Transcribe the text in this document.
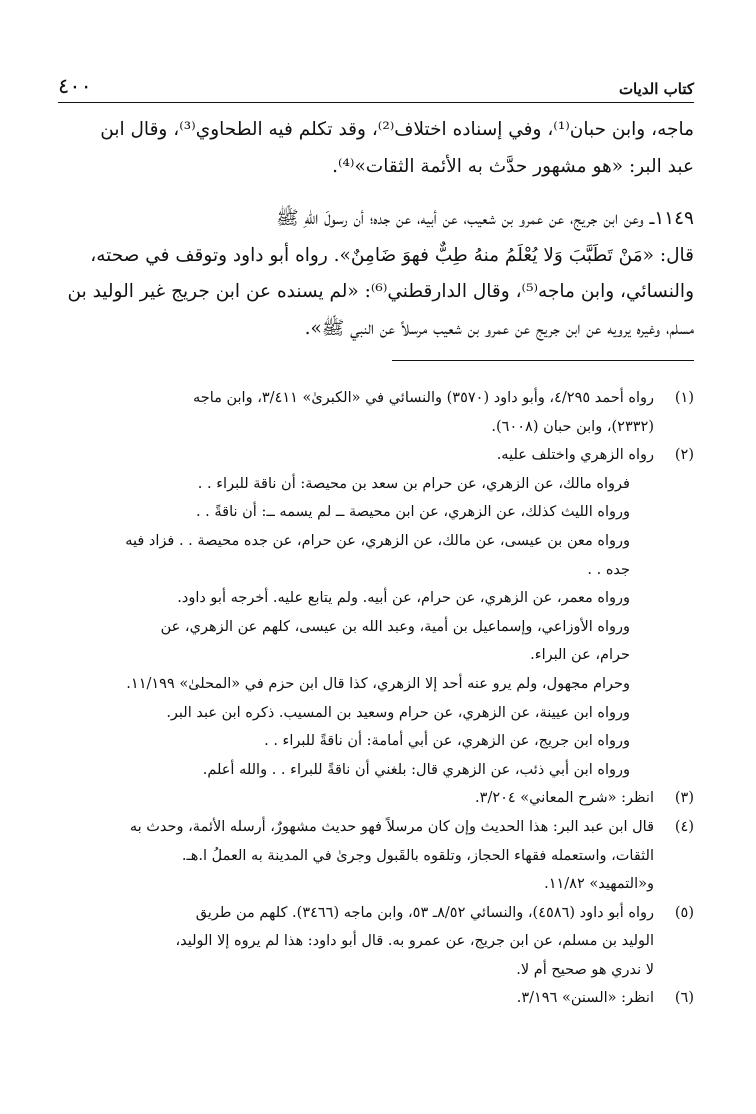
٤٠٠	كتاب الديات

ماجه، وابن حبان⁽¹⁾، وفي إسناده اختلاف⁽²⁾، وقد تكلم فيه الطحاوي⁽³⁾، وقال ابن
عبد البر: «هو مشهور حدَّث به الأئمة الثقات»⁽⁴⁾.

١١٤٩ــ وعن ابن جريج، عن عمرو بن شعيب، عن أبيه، عن جده؛ أن رسولَ اللهِ ﷺ
قال: «مَنْ تَطَبَّبَ وَلا يُعْلَمُ منهُ طِبٌّ فهوَ ضَامِنٌ». رواه أبو داود وتوقف في صحته،
والنسائي، وابن ماجه⁽⁵⁾، وقال الدارقطني⁽⁶⁾: «لم يسنده عن ابن جريج غير الوليد بن
مسلم، وغيره يرويه عن ابن جريج عن عمرو بن شعيب مرسلاً عن النبي ﷺ».

(١)
رواه أحمد ٤/٢٩٥، وأبو داود (٣٥٧٠) والنسائي في «الكبرىٰ» ٣/٤١١، وابن ماجه
(٢٣٣٢)، وابن حبان (٦٠٠٨).
(٢)
رواه الزهري واختلف عليه.
فرواه مالك، عن الزهري، عن حرام بن سعد بن محيصة: أن ناقة للبراء . .
ورواه الليث كذلك، عن الزهري، عن ابن محيصة ــ لم يسمه ــ: أن ناقةً . .
ورواه معن بن عيسى، عن مالك، عن الزهري، عن حرام، عن جده محيصة . . فزاد فيه
جده . .
ورواه معمر، عن الزهري، عن حرام، عن أبيه. ولم يتابع عليه. أخرجه أبو داود.
ورواه الأوزاعي، وإسماعيل بن أمية، وعبد الله بن عيسى، كلهم عن الزهري، عن
حرام، عن البراء.
وحرام مجهول، ولم يرو عنه أحد إلا الزهري، كذا قال ابن حزم في «المحلىٰ» ١١/١٩٩.
ورواه ابن عيينة، عن الزهري، عن حرام وسعيد بن المسيب. ذكره ابن عبد البر.
ورواه ابن جريج، عن الزهري، عن أبي أمامة: أن ناقةً للبراء . .
ورواه ابن أبي ذئب، عن الزهري قال: بلغني أن ناقةً للبراء . . والله أعلم.
(٣)
انظر: «شرح المعاني» ٣/٢٠٤.
(٤)
قال ابن عبد البر: هذا الحديث وإن كان مرسلاً فهو حديث مشهورٌ، أرسله الأئمة، وحدث به
الثقات، واستعمله فقهاء الحجاز، وتلقوه بالقَبول وجرىٰ في المدينة به العملُ ا.هـ.
و«التمهيد» ١١/٨٢.
(٥)
رواه أبو داود (٤٥٨٦)، والنسائي ٨/٥٢ـ ٥٣، وابن ماجه (٣٤٦٦). كلهم من طريق
الوليد بن مسلم، عن ابن جريج، عن عمرو به. قال أبو داود: هذا لم يروه إلا الوليد،
لا ندري هو صحيح أم لا.
(٦)
انظر: «السنن» ٣/١٩٦.
